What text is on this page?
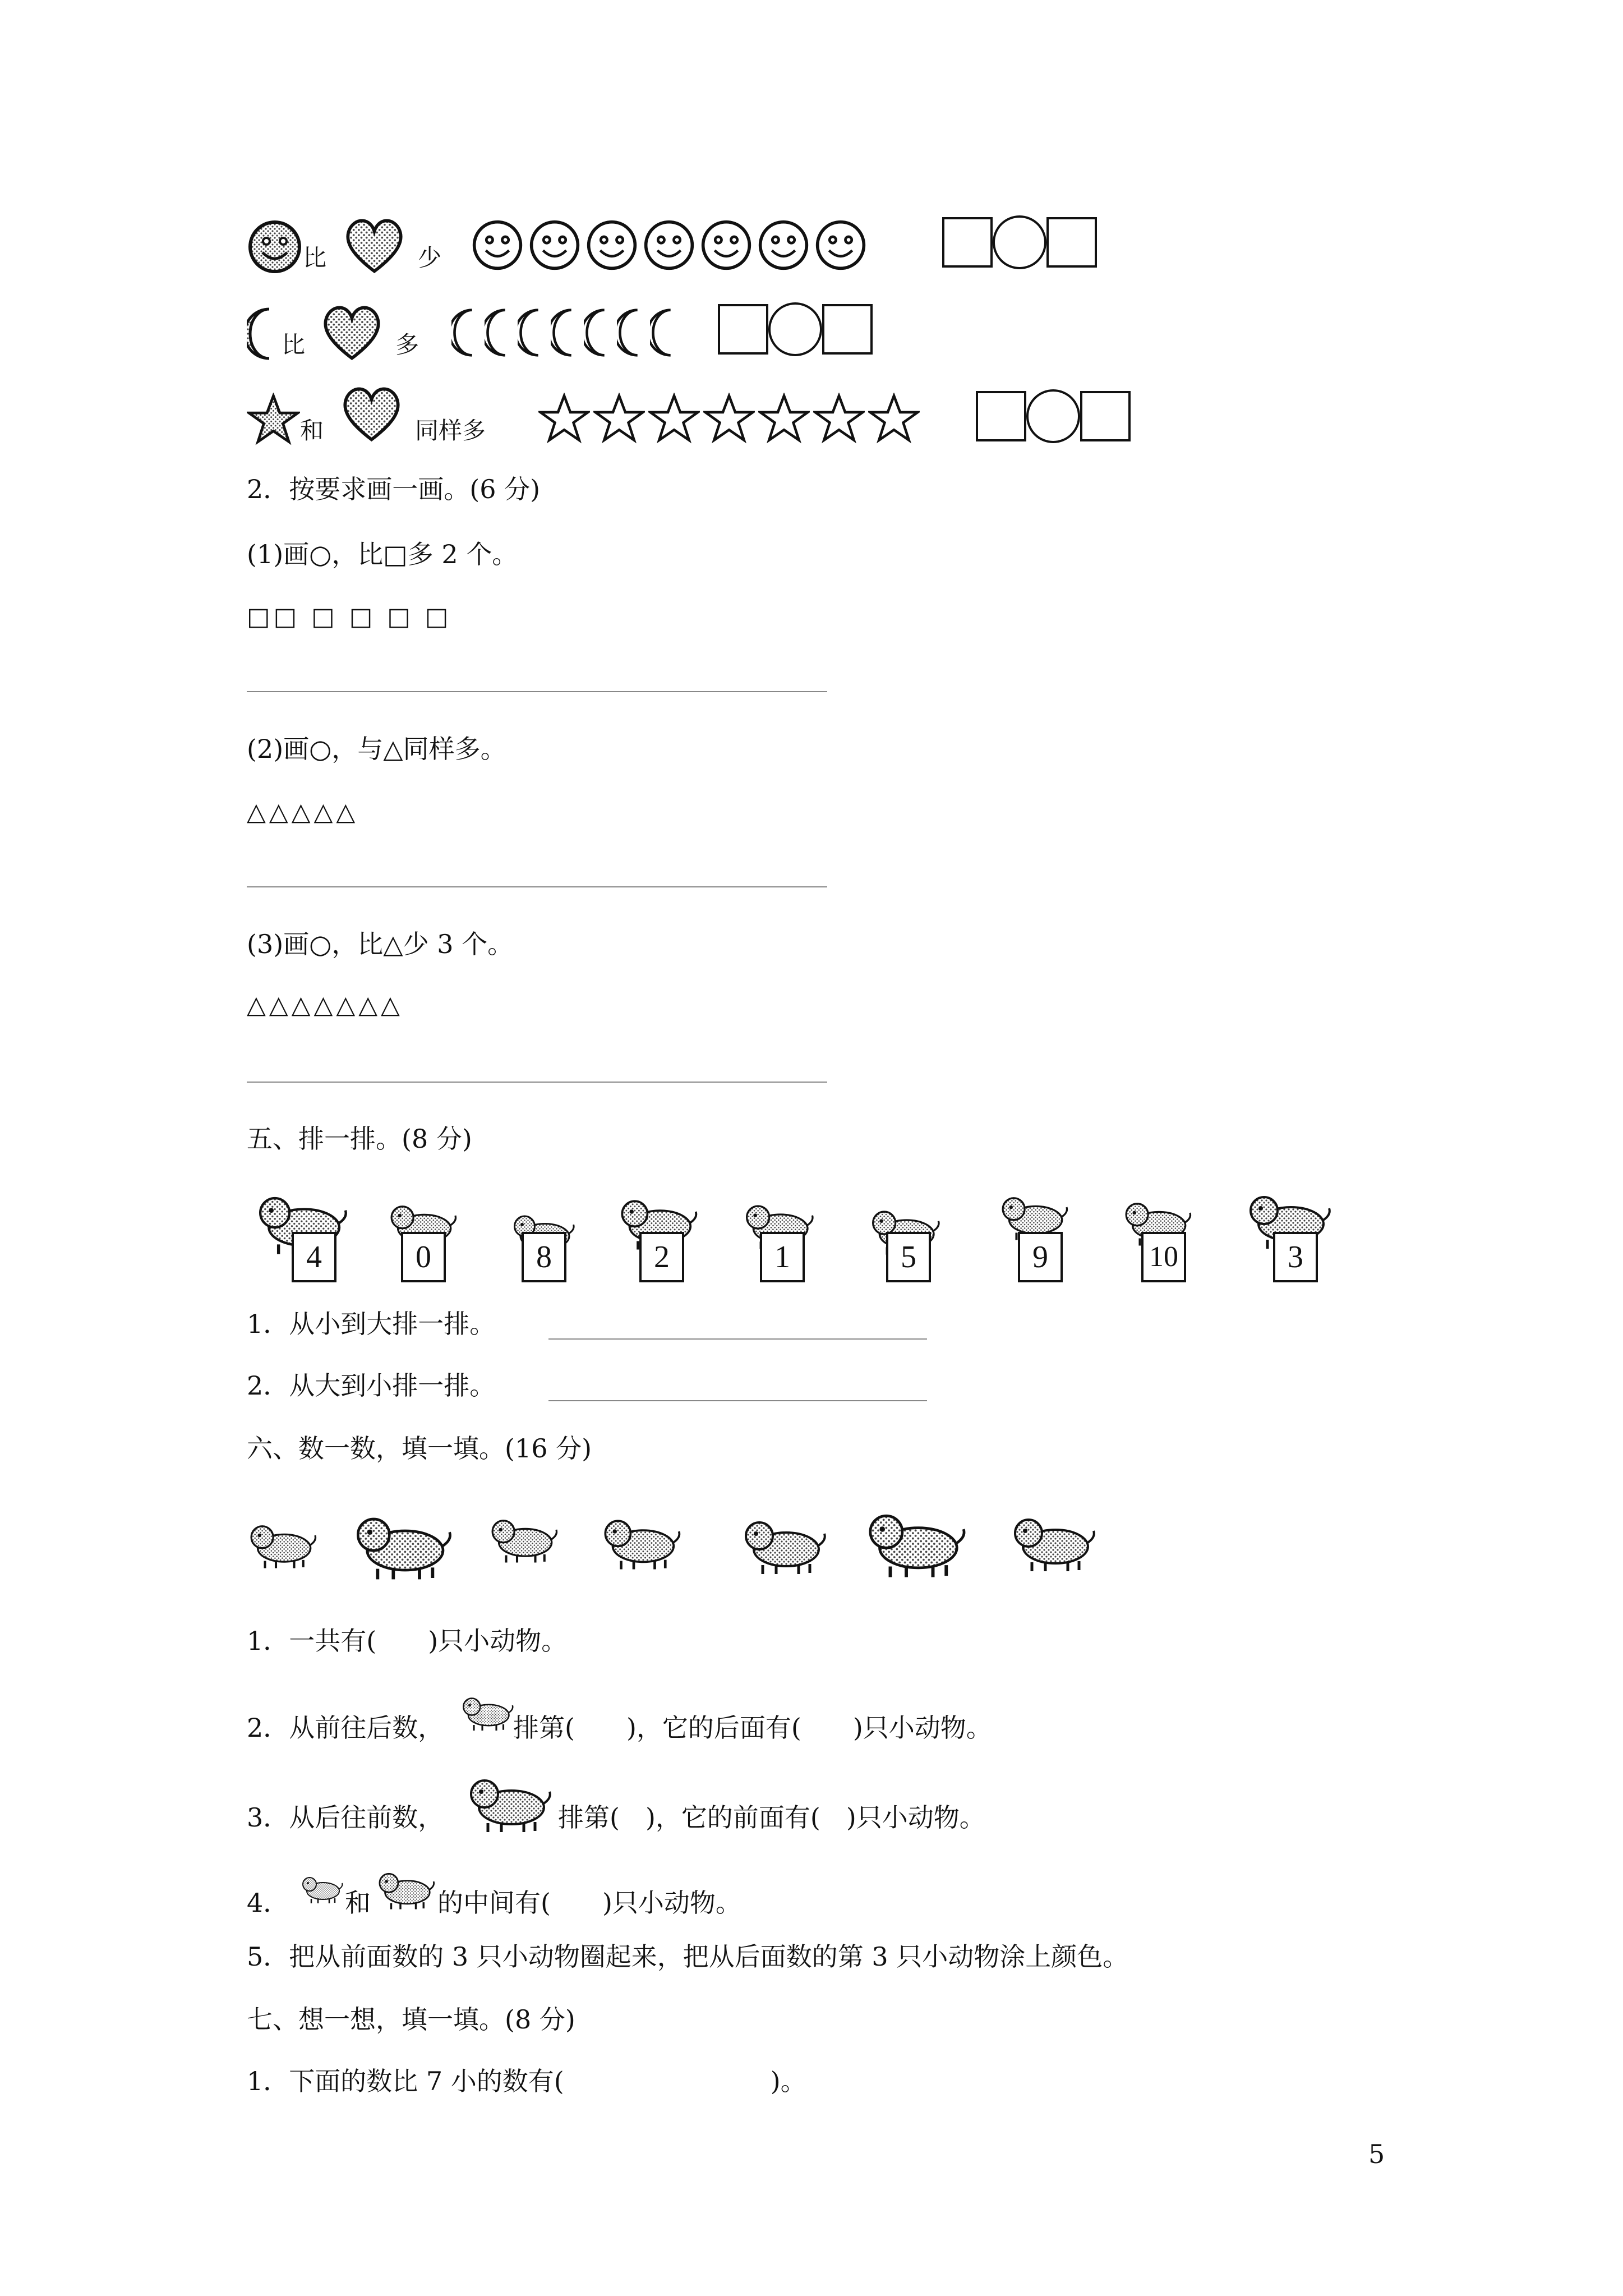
比	少
比	多
和	同样多
2．按要求画一画。(6 分)
(1)画○，比□多 2 个。
□□ □ □ □ □
(2)画○，与△同样多。
△△△△△
(3)画○，比△少 3 个。
△△△△△△△
五、排一排。(8 分)
4	0	8	2	1	5	9	10	3
1．从小到大排一排。
2．从大到小排一排。
六、数一数，填一填。(16 分)
1．一共有(　　)只小动物。
2．从前往后数，	排第(　　)，它的后面有(　　)只小动物。
3．从后往前数，	排第(　)，它的前面有(　)只小动物。
4． 和	的中间有(　　)只小动物。
5．把从前面数的 3 只小动物圈起来，把从后面数的第 3 只小动物涂上颜色。
七、想一想，填一填。(8 分)
1．下面的数比 7 小的数有(　　　　　　　　)。
5
